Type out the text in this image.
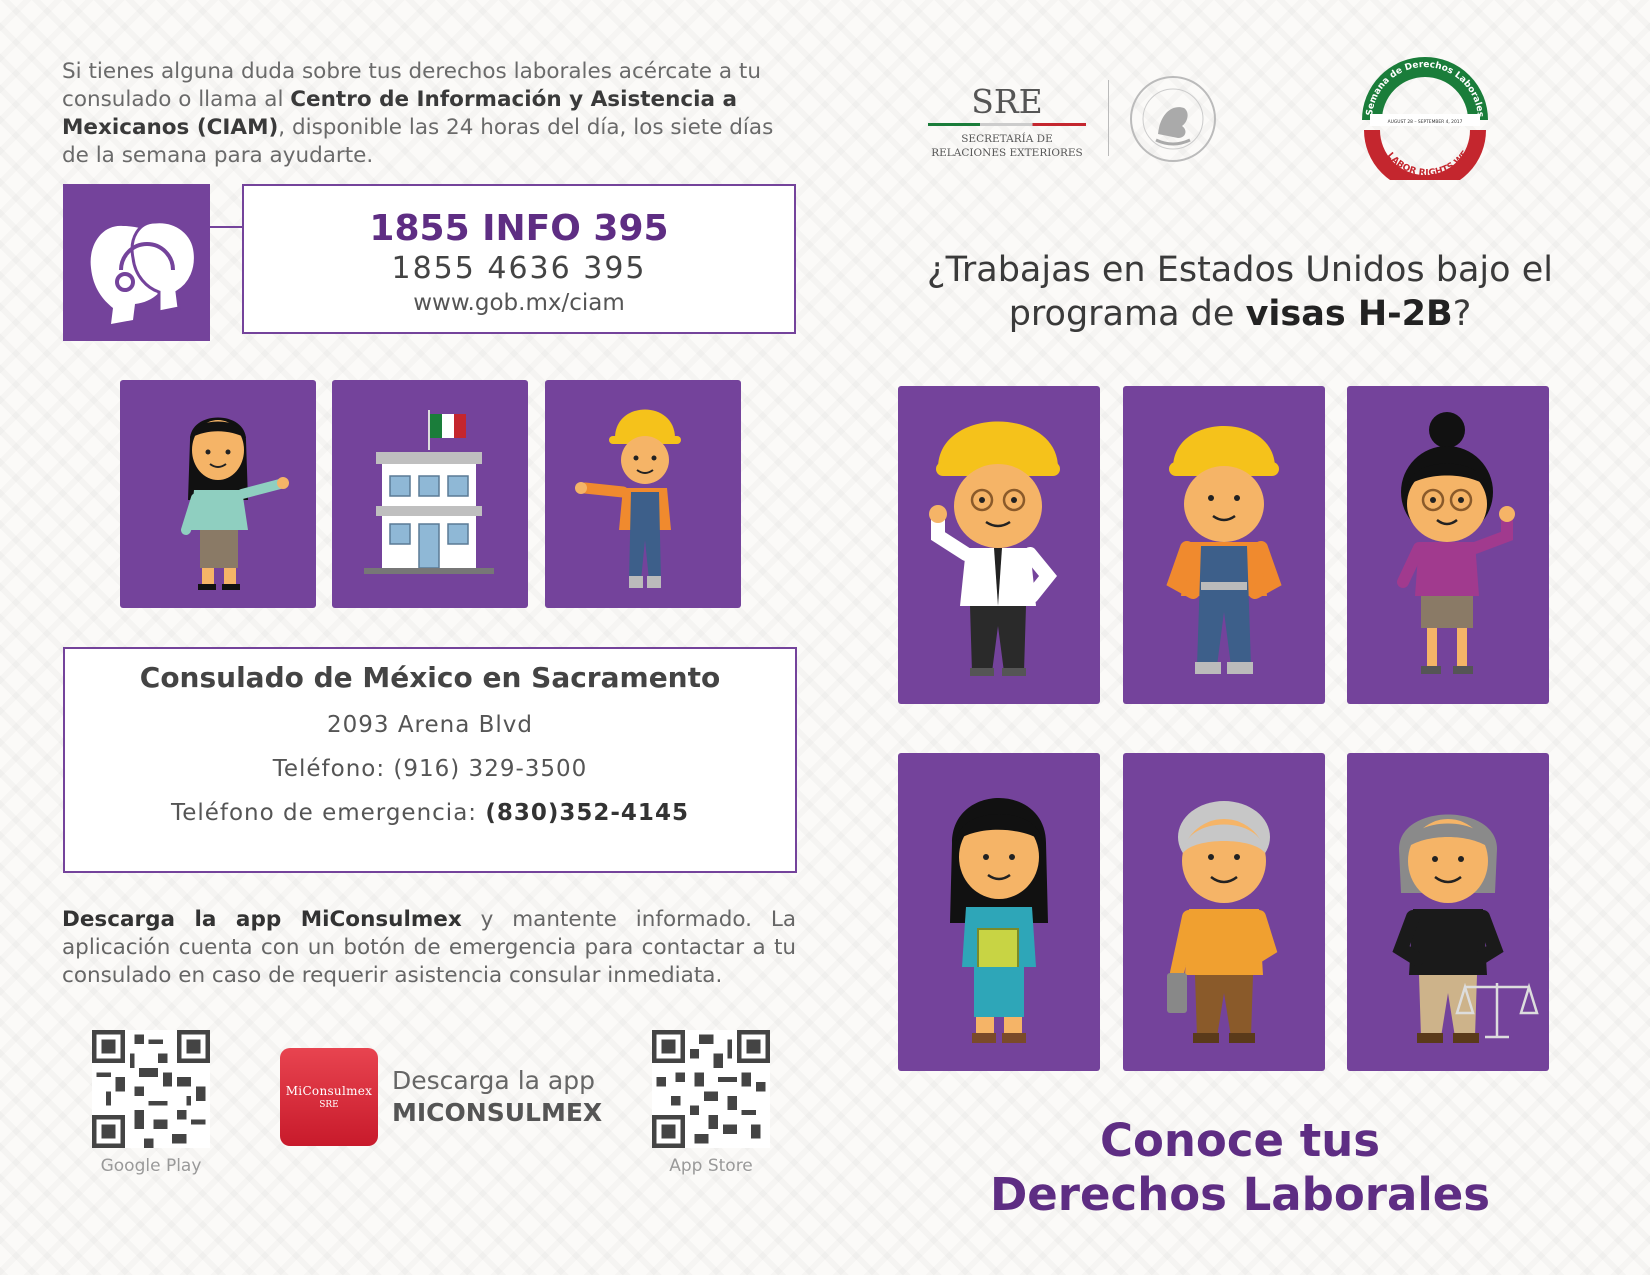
Si tienes alguna duda sobre tus derechos laborales acércate a tu consulado o llama al Centro de Información y Asistencia a Mexicanos (CIAM), disponible las 24 horas del día, los siete días de la semana para ayudarte.
1855 INFO 395
1855 4636 395
www.gob.mx/ciam
Consulado de México en Sacramento
2093 Arena Blvd
Teléfono: (916) 329-3500
Teléfono de emergencia: (830)352-4145
Descarga la app MiConsulmex y mantente informado. La aplicación cuenta con un botón de emergencia para contactar a tu consulado en caso de requerir asistencia consular inmediata.
Google Play
MiConsulmex
SRE
Descarga la app
MICONSULMEX
App Store
SRE
SECRETARÍA DE
RELACIONES EXTERIORES
Semana de Derechos Laborales
AUGUST 28 – SEPTEMBER 4, 2017
LABOR RIGHTS WE
¿Trabajas en Estados Unidos bajo el programa de visas H-2B?
Conoce tus
Derechos Laborales
